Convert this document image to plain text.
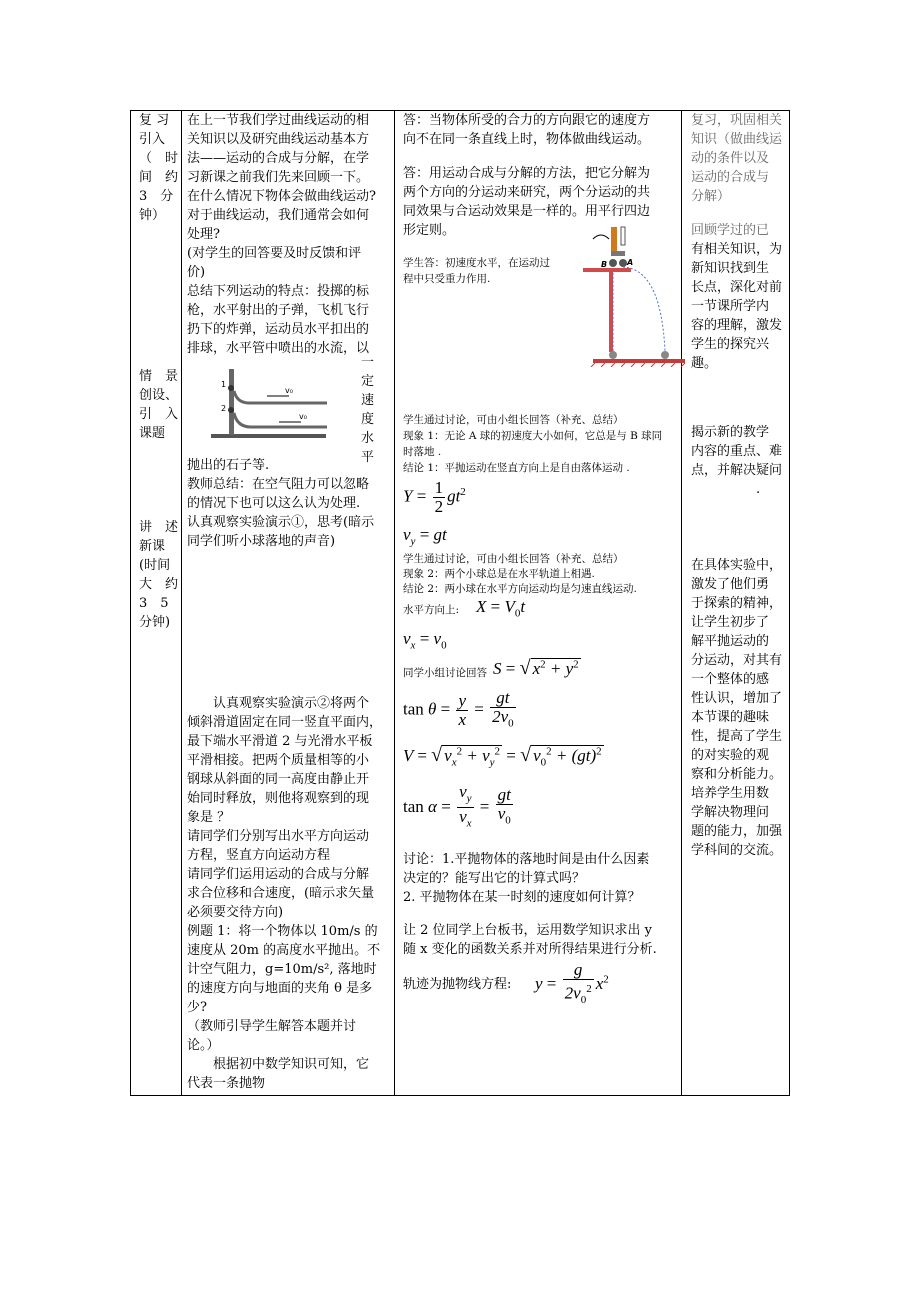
复 习
引入
（　时
间　约
3　分
钟）
情　景
创设、
引　入
课题
讲　述
新课
(时间
大　约
3　5
分钟)
在上一节我们学过曲线运动的相
关知识以及研究曲线运动基本方
法——运动的合成与分解，在学
习新课之前我们先来回顾一下。
在什么情况下物体会做曲线运动?
对于曲线运动，我们通常会如何
处理?
(对学生的回答要及时反馈和评
价)
总结下列运动的特点：投掷的标
枪，水平射出的子弹，飞机飞行
扔下的炸弹，运动员水平扣出的
排球，水平管中喷出的水流，以
1
2
v₀
v₀
一
定
速
度
水
平
抛出的石子等.
教师总结：在空气阻力可以忽略
的情况下也可以这么认为处理.
认真观察实验演示①，思考(暗示
同学们听小球落地的声音)
　　认真观察实验演示②将两个
倾斜滑道固定在同一竖直平面内，
最下端水平滑道 2 与光滑水平板
平滑相接。把两个质量相等的小
钢球从斜面的同一高度由静止开
始同时释放，则他将观察到的现
象是 ？
请同学们分别写出水平方向运动
方程，竖直方向运动方程
请同学们运用运动的合成与分解
求合位移和合速度，(暗示求矢量
必须要交待方向)
例题 1：将一个物体以 10m/s 的
速度从 20m 的高度水平抛出。不
计空气阻力，g=10m/s², 落地时
的速度方向与地面的夹角 θ 是多
少?
（教师引导学生解答本题并讨
论。）
　　根据初中数学知识可知，它
代表一条抛物
答：当物体所受的合力的方向跟它的速度方
向不在同一条直线上时，物体做曲线运动。
答：用运动合成与分解的方法，把它分解为
两个方向的分运动来研究，两个分运动的共
同效果与合运动效果是一样的。用平行四边
形定则。
B A
学生答：初速度水平，在运动过
程中只受重力作用.
学生通过讨论，可由小组长回答（补充、总结）
现象 1：无论 A 球的初速度大小如何，它总是与 B 球同
时落地 .
结论 1：平抛运动在竖直方向上是自由落体运动 .
$Y = \frac{1}{2} gt^2$
$v_y$ = gt
学生通过讨论，可由小组长回答（补充、总结）
现象 2：两个小球总是在水平轨道上相遇.
结论 2：两小球在水平方向运动均是匀速直线运动.
水平方向上: $X = V_0t$
$v_x = v_0$
同学小组讨论回答 S = √ $x^2 + y^2$
$\tan \theta = \frac{y}{x} = \frac{gt}{2v_0}$
V = √ $v_x^2 + v_y^2$ = √ $v_0^2 + (gt)^2$
$\tan \alpha = \frac{v_y}{v_x} = \frac{gt}{v_0}$
讨论：1.平抛物体的落地时间是由什么因素
决定的？能写出它的计算式吗？
2. 平抛物体在某一时刻的速度如何计算？
让 2 位同学上台板书，运用数学知识求出 y
随 x 变化的函数关系并对所得结果进行分析.
轨迹为抛物线方程: $y = \frac{g}{2v_0^2} x^2$
复习，巩固相关
知识（做曲线运
动的条件以及
运动的合成与
分解）
回顾学过的已
有相关知识，为
新知识找到生
长点，深化对前
一节课所学内
容的理解，激发
学生的探究兴
趣。
揭示新的教学
内容的重点、难
点，并解决疑问
　　　　　.
在具体实验中，
激发了他们勇
于探索的精神，
让学生初步了
解平抛运动的
分运动，对其有
一个整体的感
性认识，增加了
本节课的趣味
性，提高了学生
的对实验的观
察和分析能力。
培养学生用数
学解决物理问
题的能力，加强
学科间的交流。
